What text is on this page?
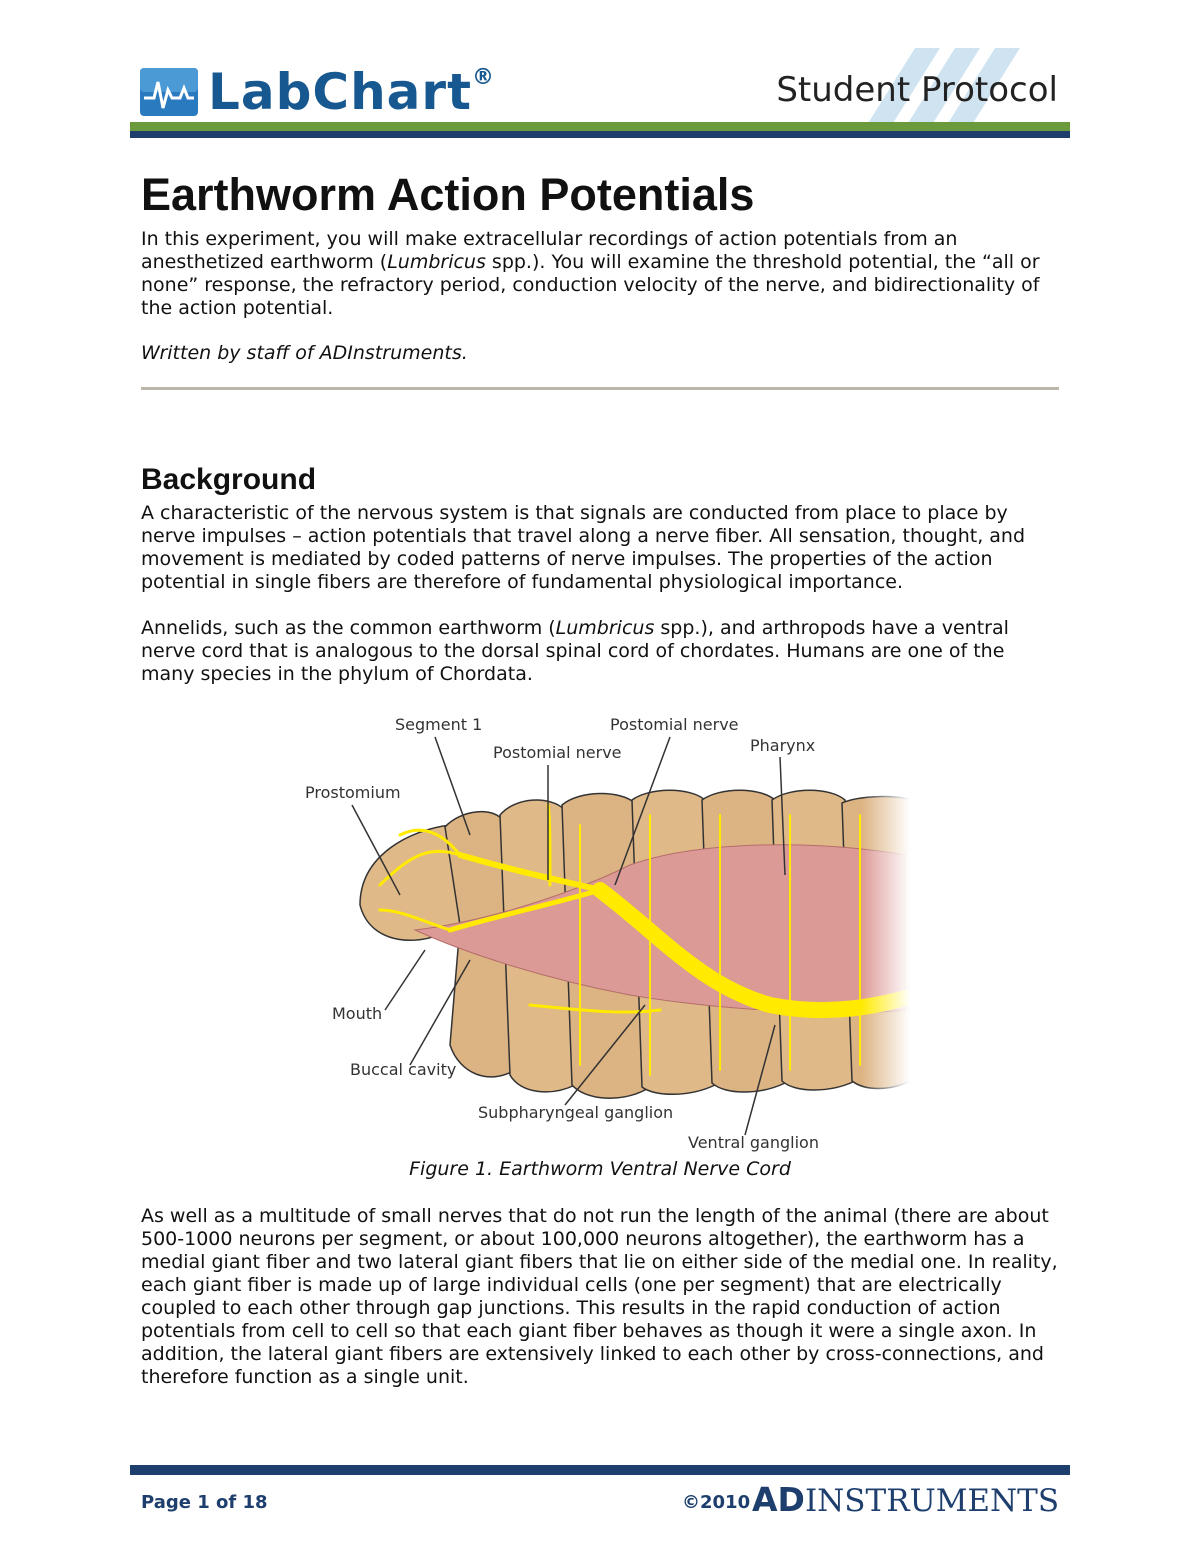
LabChart®	Student Protocol
Earthworm Action Potentials

In this experiment, you will make extracellular recordings of action potentials from an anesthetized earthworm (Lumbricus spp.). You will examine the threshold potential, the “all or none” response, the refractory period, conduction velocity of the nerve, and bidirectionality of the action potential.

Written by staff of ADInstruments.

Background

A characteristic of the nervous system is that signals are conducted from place to place by nerve impulses – action potentials that travel along a nerve fiber. All sensation, thought, and movement is mediated by coded patterns of nerve impulses. The properties of the action potential in single fibers are therefore of fundamental physiological importance.

Annelids, such as the common earthworm (Lumbricus spp.), and arthropods have a ventral nerve cord that is analogous to the dorsal spinal cord of chordates. Humans are one of the many species in the phylum of Chordata.

Segment 1	Postomial nerve
Postomial nerve	Pharynx
Prostomium
Mouth
Buccal cavity
Subpharyngeal ganglion
Ventral ganglion
Figure 1. Earthworm Ventral Nerve Cord

As well as a multitude of small nerves that do not run the length of the animal (there are about 500-1000 neurons per segment, or about 100,000 neurons altogether), the earthworm has a medial giant fiber and two lateral giant fibers that lie on either side of the medial one. In reality, each giant fiber is made up of large individual cells (one per segment) that are electrically coupled to each other through gap junctions. This results in the rapid conduction of action potentials from cell to cell so that each giant fiber behaves as though it were a single axon. In addition, the lateral giant fibers are extensively linked to each other by cross-connections, and therefore function as a single unit.

Page 1 of 18	©2010 ADINSTRUMENTS
